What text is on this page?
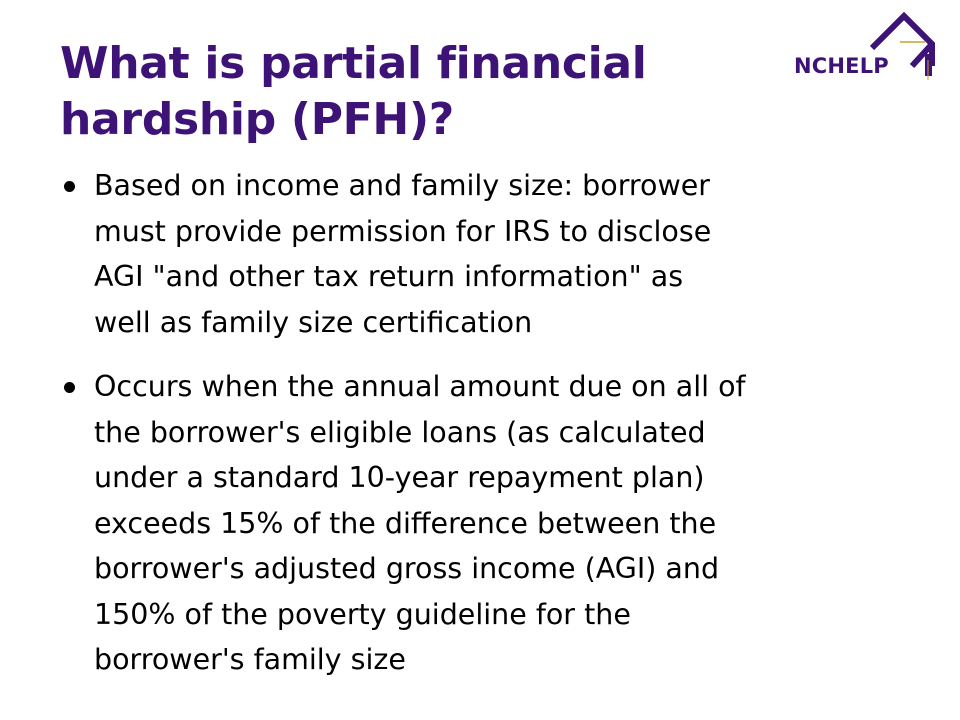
What is partial financial
hardship (PFH)?
NCHELP
Based on income and family size: borrower
must provide permission for IRS to disclose
AGI "and other tax return information" as
well as family size certification
Occurs when the annual amount due on all of
the borrower's eligible loans (as calculated
under a standard 10-year repayment plan)
exceeds 15% of the difference between the
borrower's adjusted gross income (AGI) and
150% of the poverty guideline for the
borrower's family size
